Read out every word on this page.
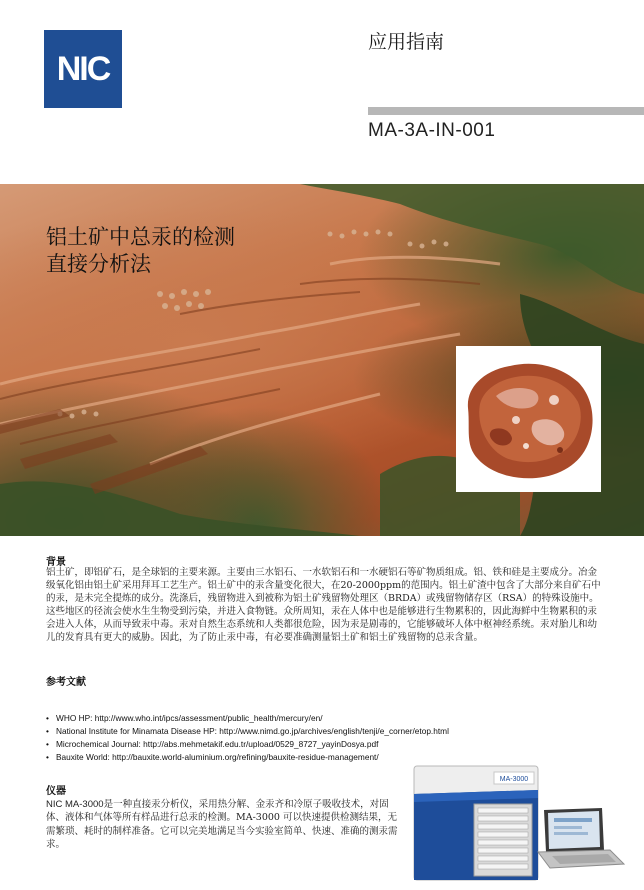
NIC
应用指南
MA-3A-IN-001
铝土矿中总汞的检测
直接分析法
背景
铝土矿，即铝矿石，是全球铝的主要来源。主要由三水铝石、一水软铝石和一水硬铝石等矿物质组成。铝、铁和硅是主要成分。冶金级氧化铝由铝土矿采用拜耳工艺生产。铝土矿中的汞含量变化很大，在20-2000ppm的范围内。铝土矿渣中包含了大部分来自矿石中的汞，是未完全提炼的成分。洗涤后，残留物进入到被称为铝土矿残留物处理区（BRDA）或残留物储存区（RSA）的特殊设施中。这些地区的径流会使水生生物受到污染，并进入食物链。众所周知，汞在人体中也是能够进行生物累积的，因此海鲜中生物累积的汞会进入人体，从而导致汞中毒。汞对自然生态系统和人类都很危险，因为汞是剧毒的，它能够破坏人体中枢神经系统。汞对胎儿和幼儿的发育具有更大的威胁。因此，为了防止汞中毒，有必要准确测量铝土矿和铝土矿残留物的总汞含量。
参考文献
• WHO HP: http://www.who.int/ipcs/assessment/public_health/mercury/en/
• National Institute for Minamata Disease HP: http://www.nimd.go.jp/archives/english/tenji/e_corner/etop.html
• Microchemical Journal: http://abs.mehmetakif.edu.tr/upload/0529_8727_yayinDosya.pdf
• Bauxite World: http://bauxite.world-aluminium.org/refining/bauxite-residue-management/
仪器
NIC MA-3000是一种直接汞分析仪，采用热分解、金汞齐和冷原子吸收技术，对固体、液体和气体等所有样品进行总汞的检测。MA-3000 可以快速提供检测结果，无需繁琐、耗时的制样准备。它可以完美地满足当今实验室简单、快速、准确的测汞需求。
MA-3000
